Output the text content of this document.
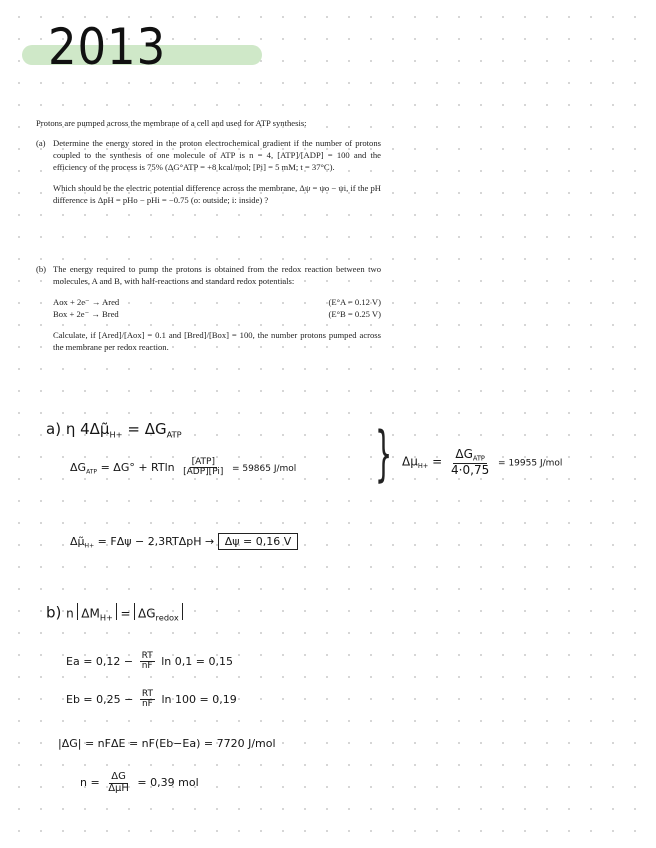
2013
Protons are pumped across the membrane of a cell and used for ATP synthesis:
(a) Determine the energy stored in the proton electrochemical gradient if the number of protons coupled to the synthesis of one molecule of ATP is n = 4, [ATP]/[ADP] = 100 and the efficiency of the process is 75% (ΔG°ATP = +8 kcal/mol; [Pi] = 5 mM; t = 37°C).
Which should be the electric potential difference across the membrane, Δψ = ψo − ψi, if the pH difference is ΔpH = pHo − pHi = −0.75 (o: outside; i: inside) ?
(b) The energy required to pump the protons is obtained from the redox reaction between two molecules, A and B, with half-reactions and standard redox potentials:
Aox + 2e⁻ → Ared	(E°A = 0.12 V)
Box + 2e⁻ → Bred	(E°B = 0.25 V)
Calculate, if [Ared]/[Aox] = 0.1 and [Bred]/[Box] = 100, the number protons pumped across the membrane per redox reaction.
a) η $4\Delta\mũ_{H+} = \Delta G_{ATP}$
$\Delta G_{ATP} = \Delta G^\circ + RTln \frac{\text{[ATP]}}{\text{[ADP][Pi]}} = 59865$ J/mol } $\Delta\mu_{H+} = \frac{\Delta G_{ATP}}{4\cdot 0,75} = 19955$ J/mol
$\Delta\mũ_{H+} = F\Delta\psi - 2,3RT\Delta pH \to \Delta\psi = 0,16$ V
b) n $\Delta M_{H+} = \Delta G_{redox}$
$Ea = 0,12 - \frac{RT}{nF}$ ln 0,1 = 0,15
$Eb = 0,25 - \frac{RT}{nF}$ ln 100 = 0,19
|ΔG| = nFΔE = nF(Eb−Ea) = 7720 J/mol
$n = \frac{\Delta G}{\text{ΔμH}} = 0,39$ mol
